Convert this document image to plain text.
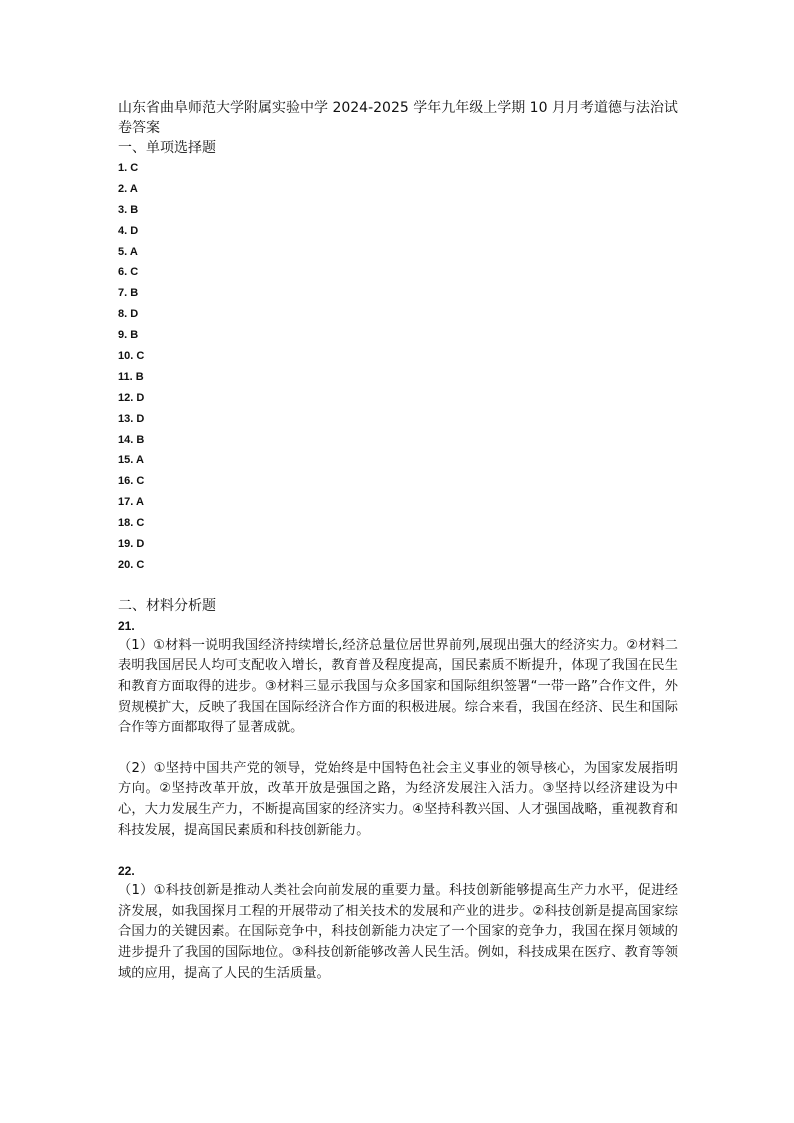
山东省曲阜师范大学附属实验中学 2024-2025 学年九年级上学期 10 月月考道德与法治试卷答案

一、单项选择题

1. C
2. A
3. B
4. D
5. A
6. C
7. B
8. D
9. B
10. C
11. B
12. D
13. D
14. B
15. A
16. C
17. A
18. C
19. D
20. C

二、材料分析题

21.

（1）①材料一说明我国经济持续增长,经济总量位居世界前列,展现出强大的经济实力。②材料二表明我国居民人均可支配收入增长，教育普及程度提高，国民素质不断提升，体现了我国在民生和教育方面取得的进步。③材料三显示我国与众多国家和国际组织签署“一带一路”合作文件，外贸规模扩大，反映了我国在国际经济合作方面的积极进展。综合来看，我国在经济、民生和国际合作等方面都取得了显著成就。

（2）①坚持中国共产党的领导，党始终是中国特色社会主义事业的领导核心，为国家发展指明方向。②坚持改革开放，改革开放是强国之路，为经济发展注入活力。③坚持以经济建设为中心，大力发展生产力，不断提高国家的经济实力。④坚持科教兴国、人才强国战略，重视教育和科技发展，提高国民素质和科技创新能力。

22.

（1）①科技创新是推动人类社会向前发展的重要力量。科技创新能够提高生产力水平，促进经济发展，如我国探月工程的开展带动了相关技术的发展和产业的进步。②科技创新是提高国家综合国力的关键因素。在国际竞争中，科技创新能力决定了一个国家的竞争力，我国在探月领域的进步提升了我国的国际地位。③科技创新能够改善人民生活。例如，科技成果在医疗、教育等领域的应用，提高了人民的生活质量。
